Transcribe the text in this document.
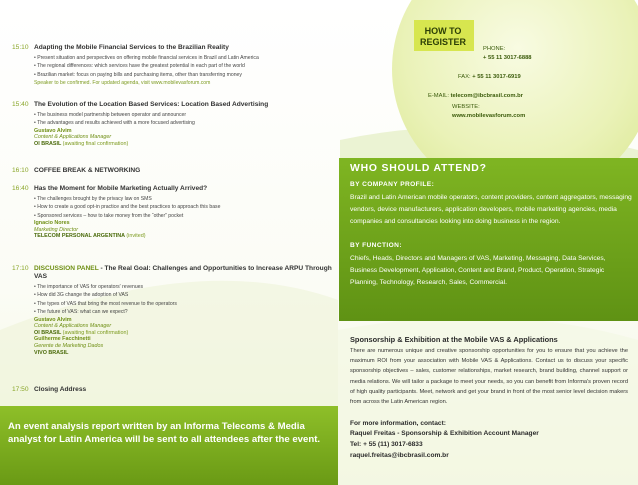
15:10 Adapting the Mobile Financial Services to the Brazilian Reality
• Present situation and perspectives on offering mobile financial services in Brazil and Latin America
• The regional differences: which services have the greatest potential in each part of the world
• Brazilian market: focus on paying bills and purchasing items, other than transferring money
Speaker to be confirmed. For updated agenda, visit www.mobilevasforum.com
15:40 The Evolution of the Location Based Services: Location Based Advertising
• The business model partnership between operator and announcer
• The advantages and results achieved with a more focused advertising
Gustavo Alvim
Content & Applications Manager
OI BRASIL (awaiting final confirmation)
16:10 COFFEE BREAK & NETWORKING
16:40 Has the Moment for Mobile Marketing Actually Arrived?
• The challenges brought by the privacy law on SMS
• How to create a good opt-in practice and the best practices to approach this base
• Sponsored services – how to take money from the “other” pocket
Ignacio Nores
Marketing Director
TELECOM PERSONAL ARGENTINA (invited)
17:10 DISCUSSION PANEL - The Real Goal: Challenges and Opportunities to Increase ARPU Through VAS
• The importance of VAS for operators' revenues
• How did 3G change the adoption of VAS
• The types of VAS that bring the most revenue to the operators
• The future of VAS: what can we expect?
Gustavo Alvim
Content & Applications Manager
OI BRASIL (awaiting final confirmation)
Guilherme Facchinetti
Gerente de Marketing Dados
VIVO BRASIL
17:50 Closing Address
An event analysis report written by an Informa Telecoms & Media analyst for Latin America will be sent to all attendees after the event.
HOW TO
REGISTER
PHONE:
+ 55 11 3017-6888
FAX: + 55 11 3017-6919
E-MAIL: telecom@ibcbrasil.com.br
WEBSITE:
www.mobilevasforum.com
WHO SHOULD ATTEND?
BY COMPANY PROFILE:
Brazil and Latin American mobile operators, content providers, content aggregators, messaging vendors, device manufacturers, application developers, mobile marketing agencies, media companies and consultancies looking into doing business in the region.
BY FUNCTION:
Chiefs, Heads, Directors and Managers of VAS, Marketing, Messaging, Data Services, Business Development, Application, Content and Brand, Product, Operation, Strategic Planning, Technology, Research, Sales, Commercial.
Sponsorship & Exhibition at the Mobile VAS & Applications
There are numerous unique and creative sponsorship opportunities for you to ensure that you achieve the maximum ROI from your association with Mobile VAS & Applications. Contact us to discuss your specific sponsorship objectives – sales, customer relationships, market research, brand building, channel support or media relations. We will tailor a package to meet your needs, so you can benefit from Informa's proven record of high quality participants. Meet, network and get your brand in front of the most senior level decision makers from across the Latin American region.
For more information, contact:
Raquel Freitas - Sponsorship & Exhibition Account Manager
Tel: + 55 (11) 3017-6833
raquel.freitas@ibcbrasil.com.br
